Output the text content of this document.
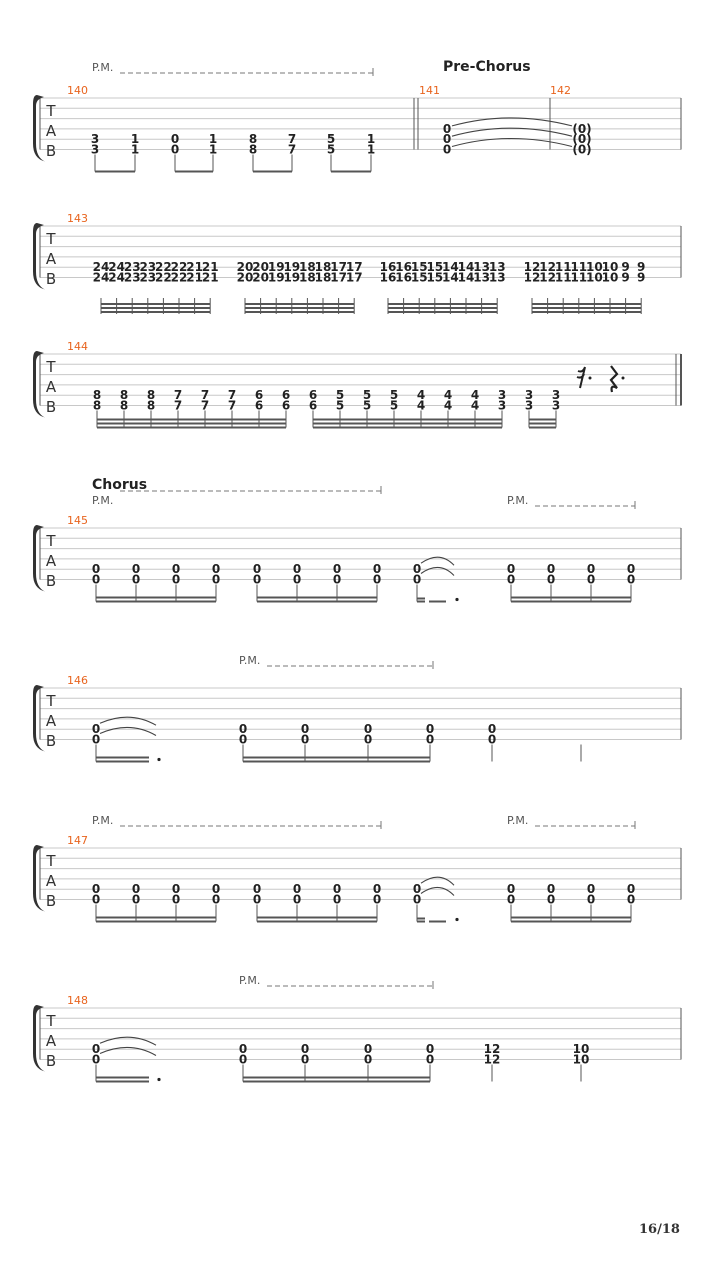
T
A
B
P.M.	Pre-Chorus
140
3
3
1
1
0
0
1
1
8
8
7
7
5
5
1
1
141
0
0
0
142
(0)
(0)
(0)
T
A
B
143
24
24
24
24
23
23
23
23
22
22
22
22
21
21
21
21
20
20
20
20
19
19
19
19
18
18
18
18
17
17
17
17
16
16
16
16
15
15
15
15
14
14
14
14
13
13
13
13
12
12
12
12
11
11
11
11
10
10
10
10
9
9
9
9
T
A
B
144
8
8
8
8
8
8
7
7
7
7
7
7
6
6
6
6
6
6
5
5
5
5
5
5
4
4
4
4
4
4
3
3
3
3
3
3
T
A
B
Chorus
P.M.	P.M.
145
0
0
0
0
0
0
0
0
0
0
0
0
0
0
0
0
0
0
0
0
0
0
0
0
0
0
T
A
B
P.M.
146
0
0
0
0
0
0
0
0
0
0
0
0
T
A
B
P.M.	P.M.
147
0
0
0
0
0
0
0
0
0
0
0
0
0
0
0
0
0
0
0
0
0
0
0
0
0
0
T
A
B
P.M.
148
0
0
0
0
0
0
0
0
0
0
12
12
10
10
16/18
